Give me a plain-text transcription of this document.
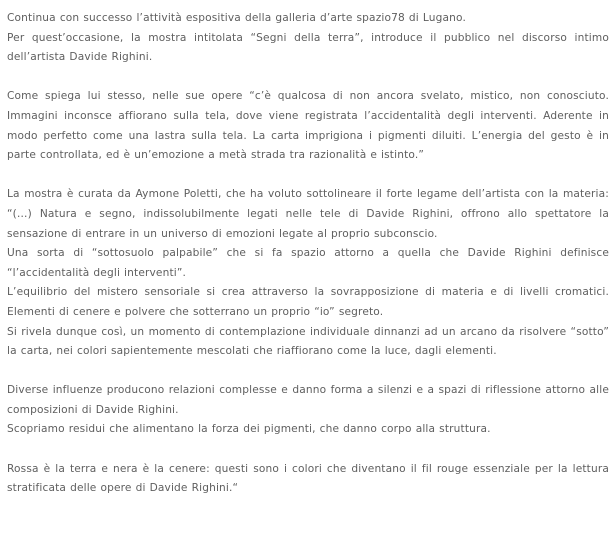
Continua con successo l’attività espositiva della galleria d’arte spazio78 di Lugano.
Per quest’occasione, la mostra intitolata “Segni della terra”, introduce il pubblico nel discorso intimo dell’artista Davide Righini.

Come spiega lui stesso, nelle sue opere “c’è qualcosa di non ancora svelato, mistico, non conosciuto. Immagini inconsce affiorano sulla tela, dove viene registrata l’accidentalità degli interventi. Aderente in modo perfetto come una lastra sulla tela. La carta imprigiona i pigmenti diluiti. L’energia del gesto è in parte controllata, ed è un’emozione a metà strada tra razionalità e istinto.”

La mostra è curata da Aymone Poletti, che ha voluto sottolineare il forte legame dell’artista con la materia: “(…) Natura e segno, indissolubilmente legati nelle tele di Davide Righini, offrono allo spettatore la sensazione di entrare in un universo di emozioni legate al proprio subconscio.
Una sorta di “sottosuolo palpabile” che si fa spazio attorno a quella che Davide Righini definisce “l’accidentalità degli interventi”.
L’equilibrio del mistero sensoriale si crea attraverso la sovrapposizione di materia e di livelli cromatici. Elementi di cenere e polvere che sotterrano un proprio “io” segreto.
Si rivela dunque così, un momento di contemplazione individuale dinnanzi ad un arcano da risolvere “sotto” la carta, nei colori sapientemente mescolati che riaffiorano come la luce, dagli elementi.

Diverse influenze producono relazioni complesse e danno forma a silenzi e a spazi di riflessione attorno alle composizioni di Davide Righini.
Scopriamo residui che alimentano la forza dei pigmenti, che danno corpo alla struttura.

Rossa è la terra e nera è la cenere: questi sono i colori che diventano il fil rouge essenziale per la lettura stratificata delle opere di Davide Righini.“
